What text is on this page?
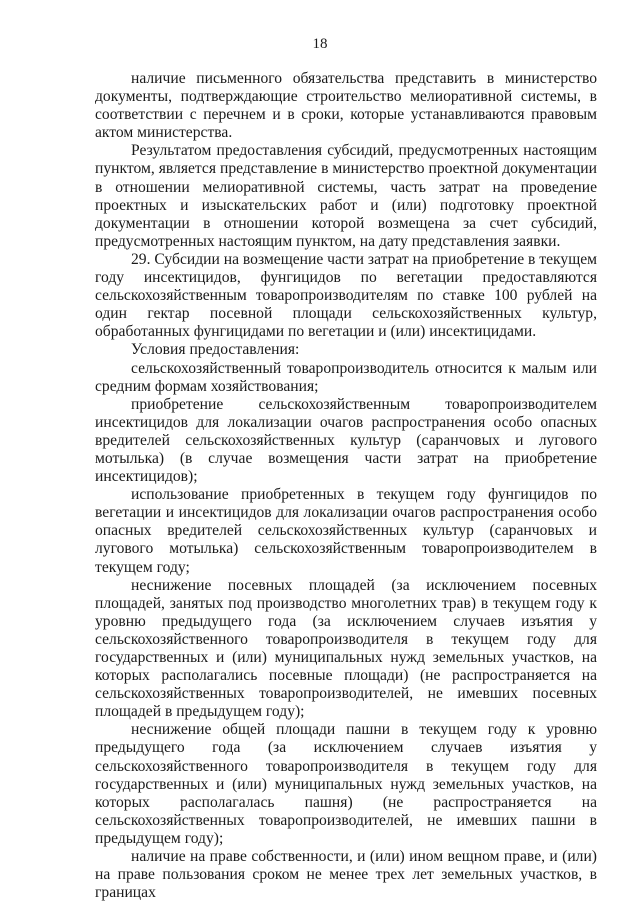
18

наличие письменного обязательства представить в министерство документы, подтверждающие строительство мелиоративной системы, в соответствии с перечнем и в сроки, которые устанавливаются правовым актом министерства.

Результатом предоставления субсидий, предусмотренных настоящим пунктом, является представление в министерство проектной документации в отношении мелиоративной системы, часть затрат на проведение проектных и изыскательских работ и (или) подготовку проектной документации в отношении которой возмещена за счет субсидий, предусмотренных настоящим пунктом, на дату представления заявки.

29. Субсидии на возмещение части затрат на приобретение в текущем году инсектицидов, фунгицидов по вегетации предоставляются сельскохозяйственным товаропроизводителям по ставке 100 рублей на один гектар посевной площади сельскохозяйственных культур, обработанных фунгицидами по вегетации и (или) инсектицидами.

Условия предоставления:

сельскохозяйственный товаропроизводитель относится к малым или средним формам хозяйствования;

приобретение сельскохозяйственным товаропроизводителем инсектицидов для локализации очагов распространения особо опасных вредителей сельскохозяйственных культур (саранчовых и лугового мотылька) (в случае возмещения части затрат на приобретение инсектицидов);

использование приобретенных в текущем году фунгицидов по вегетации и инсектицидов для локализации очагов распространения особо опасных вредителей сельскохозяйственных культур (саранчовых и лугового мотылька) сельскохозяйственным товаропроизводителем в текущем году;

неснижение посевных площадей (за исключением посевных площадей, занятых под производство многолетних трав) в текущем году к уровню предыдущего года (за исключением случаев изъятия у сельскохозяйственного товаропроизводителя в текущем году для государственных и (или) муниципальных нужд земельных участков, на которых располагались посевные площади) (не распространяется на сельскохозяйственных товаропроизводителей, не имевших посевных площадей в предыдущем году);

неснижение общей площади пашни в текущем году к уровню предыдущего года (за исключением случаев изъятия у сельскохозяйственного товаропроизводителя в текущем году для государственных и (или) муниципальных нужд земельных участков, на которых располагалась пашня) (не распространяется на сельскохозяйственных товаропроизводителей, не имевших пашни в предыдущем году);

наличие на праве собственности, и (или) ином вещном праве, и (или) на праве пользования сроком не менее трех лет земельных участков, в границах
